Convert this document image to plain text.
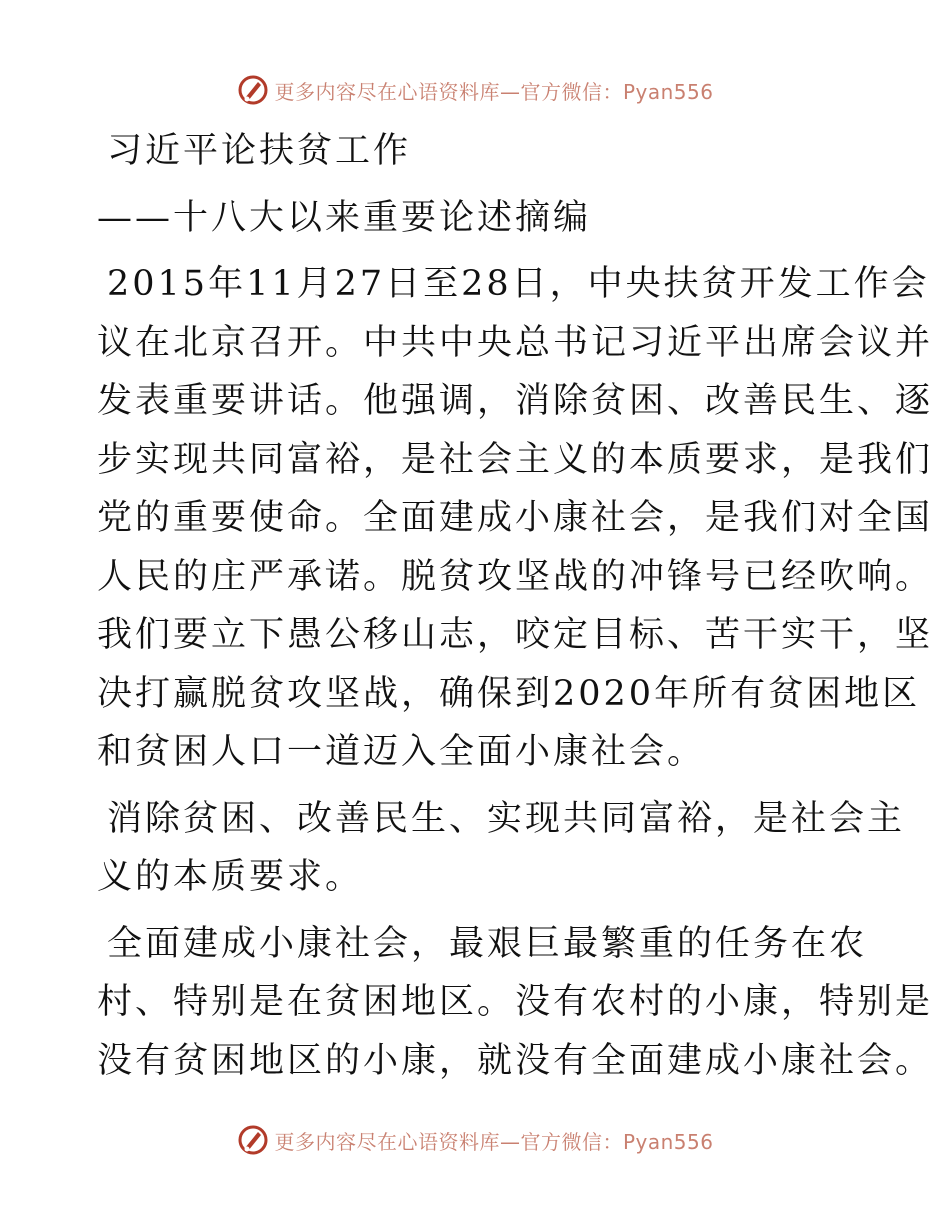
更多内容尽在心语资料库—官方微信：Pyan556
习近平论扶贫工作
——十八大以来重要论述摘编
2015年11月27日至28日，中央扶贫开发工作会
议在北京召开。中共中央总书记习近平出席会议并
发表重要讲话。他强调，消除贫困、改善民生、逐
步实现共同富裕，是社会主义的本质要求，是我们
党的重要使命。全面建成小康社会，是我们对全国
人民的庄严承诺。脱贫攻坚战的冲锋号已经吹响。
我们要立下愚公移山志，咬定目标、苦干实干，坚
决打赢脱贫攻坚战，确保到2020年所有贫困地区
和贫困人口一道迈入全面小康社会。
消除贫困、改善民生、实现共同富裕，是社会主
义的本质要求。
全面建成小康社会，最艰巨最繁重的任务在农
村、特别是在贫困地区。没有农村的小康，特别是
没有贫困地区的小康，就没有全面建成小康社会。
更多内容尽在心语资料库—官方微信：Pyan556
